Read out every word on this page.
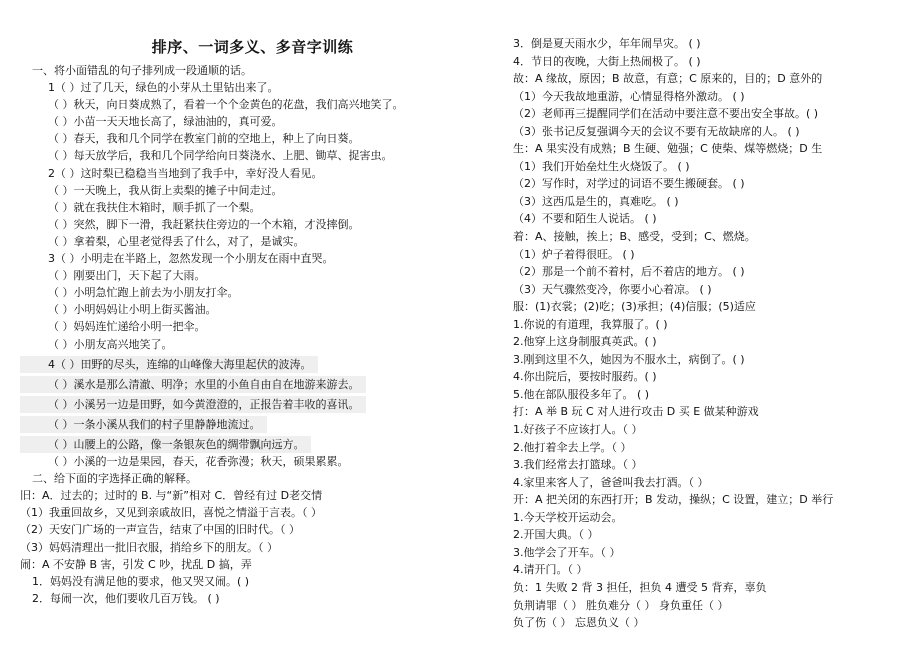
排序、一词多义、多音字训练
一、将小面错乱的句子排列成一段通顺的话。
1（ ）过了几天，绿色的小芽从土里钻出来了。
（ ）秋天，向日葵成熟了，看着一个个金黄色的花盘，我们高兴地笑了。
（ ）小苗一天天地长高了，绿油油的，真可爱。
（ ）春天，我和几个同学在教室门前的空地上，种上了向日葵。
（ ）每天放学后，我和几个同学给向日葵浇水、上肥、锄草、捉害虫。
2（ ）这时梨已稳稳当当地到了我手中，幸好没人看见。
（ ）一天晚上，我从街上卖梨的摊子中间走过。
（ ）就在我扶住木箱时，顺手抓了一个梨。
（ ）突然，脚下一滑，我赶紧扶住旁边的一个木箱，才没摔倒。
（ ）拿着梨，心里老觉得丢了什么，对了，是诚实。
3（ ）小明走在半路上，忽然发现一个小朋友在雨中直哭。
（ ）刚要出门，天下起了大雨。
（ ）小明急忙跑上前去为小朋友打伞。
（ ）小明妈妈让小明上街买酱油。
（ ）妈妈连忙递给小明一把伞。
（ ）小朋友高兴地笑了。
4（ ）田野的尽头，连绵的山峰像大海里起伏的波涛。（ ）溪水是那么清澈、明净；水里的小鱼自由自在地游来游去。（ ）小溪另一边是田野，如今黄澄澄的，正报告着丰收的喜讯。（ ）一条小溪从我们的村子里静静地流过。（ ）山腰上的公路，像一条银灰色的绸带飘向远方。
（ ）小溪的一边是果园，春天，花香弥漫；秋天，硕果累累。
二、给下面的字选择正确的解释。
旧：A．过去的；过时的 B. 与“新”相对 C．曾经有过 D老交情
（1）我重回故乡，又见到亲戚故旧，喜悦之情溢于言表。（ ）
（2）天安门广场的一声宣告，结束了中国的旧时代。（ ）
（3）妈妈清理出一批旧衣服，捎给乡下的朋友。（ ）
闹：A 不安静 B 害，引发 C 吵，扰乱 D 搞，弄
1．妈妈没有满足他的要求，他又哭又闹。( )
2．每闹一次，他们要收几百万钱。 ( )
3．倒是夏天雨水少，年年闹旱灾。 ( )
4．节日的夜晚，大街上热闹极了。 ( )
故：A 缘故，原因；B 故意，有意；C 原来的，目的；D 意外的
（1）今天我故地重游，心情显得格外激动。 ( )
（2）老师再三提醒同学们在活动中要注意不要出安全事故。( )
（3）张书记反复强调今天的会议不要有无故缺席的人。 ( )
生：A 果实没有成熟；B 生硬、勉强；C 使柴、煤等燃烧；D 生
（1）我们开始垒灶生火烧饭了。 ( )
（2）写作时，对学过的词语不要生搬硬套。 ( )
（3）这西瓜是生的，真难吃。 ( )
（4）不要和陌生人说话。 ( )
着：A、接触，挨上；B、感受，受到；C、燃烧。
（1）炉子着得很旺。 ( )
（2）那是一个前不着村，后不着店的地方。 ( )
（3）天气骤然变冷，你要小心着凉。 ( )
服：(1)衣裳；(2)吃；(3)承担；(4)信服；(5)适应
1.你说的有道理，我算服了。( )
2.他穿上这身制服真英武。( )
3.刚到这里不久，她因为不服水土，病倒了。( )
4.你出院后，要按时服药。( )
5.他在部队服役多年了。 ( )
打：A 举 B 玩 C 对人进行攻击 D 买 E 做某种游戏
1.好孩子不应该打人。（ ）
2.他打着伞去上学。（ ）
3.我们经常去打篮球。（ ）
4.家里来客人了，爸爸叫我去打酒。（ ）
开：A 把关闭的东西打开；B 发动，操纵；C 设置，建立；D 举行
1.今天学校开运动会。
2.开国大典。（ ）
3.他学会了开车。（ ）
4.请开门。（ ）
负：1 失败 2 背 3 担任，担负 4 遭受 5 背弃，辜负
负荆请罪（ ） 胜负难分（ ） 身负重任（ ）
负了伤（ ） 忘恩负义（ ）
